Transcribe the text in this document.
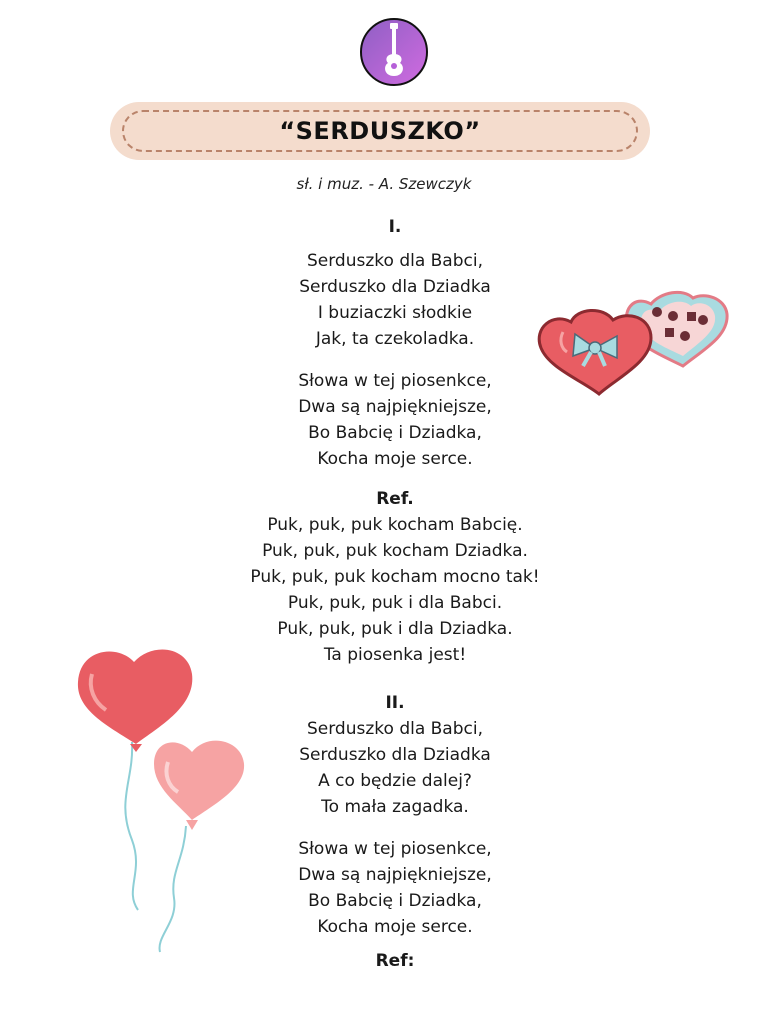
“SERDUSZKO”
sł. i muz. - A. Szewczyk
I.
Serduszko dla Babci,
Serduszko dla Dziadka
I buziaczki słodkie
Jak, ta czekoladka.
Słowa w tej piosenkce,
Dwa są najpiękniejsze,
Bo Babcię i Dziadka,
Kocha moje serce.
Ref.
Puk, puk, puk kocham Babcię.
Puk, puk, puk kocham Dziadka.
Puk, puk, puk kocham mocno tak!
Puk, puk, puk i dla Babci.
Puk, puk, puk i dla Dziadka.
Ta piosenka jest!
II.
Serduszko dla Babci,
Serduszko dla Dziadka
A co będzie dalej?
To mała zagadka.
Słowa w tej piosenkce,
Dwa są najpiękniejsze,
Bo Babcię i Dziadka,
Kocha moje serce.
Ref:
